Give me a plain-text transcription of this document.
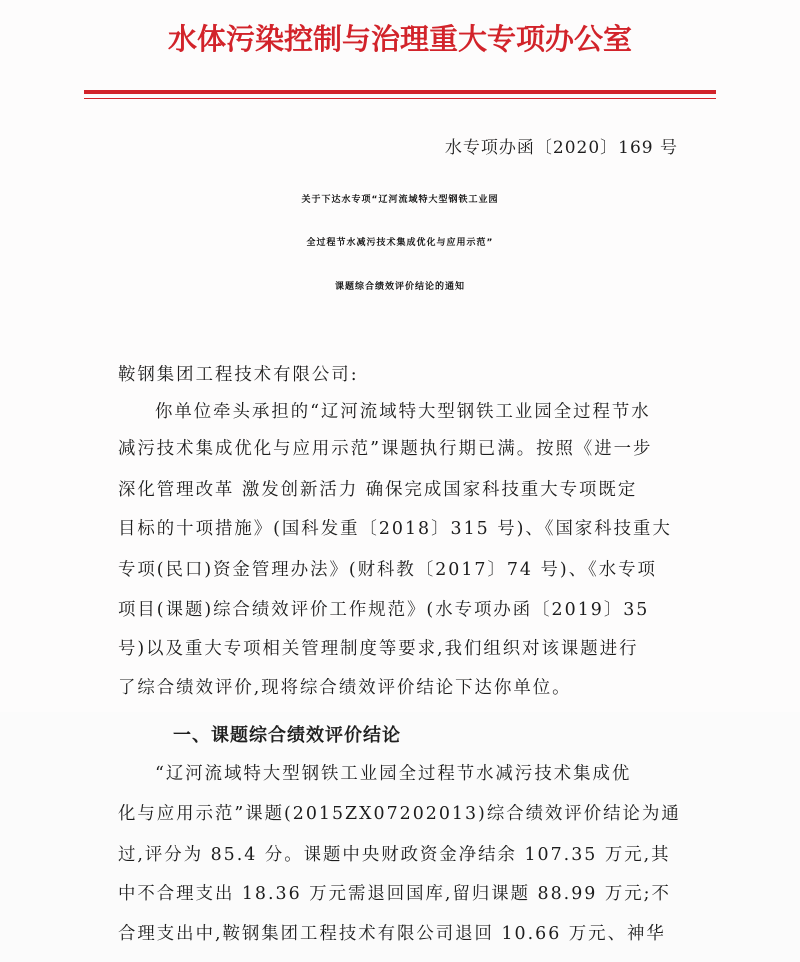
水体污染控制与治理重大专项办公室
水专项办函〔2020〕169 号
关于下达水专项“辽河流域特大型钢铁工业园
全过程节水减污技术集成优化与应用示范”
课题综合绩效评价结论的通知
鞍钢集团工程技术有限公司:
你单位牵头承担的“辽河流域特大型钢铁工业园全过程节水
减污技术集成优化与应用示范”课题执行期已满。按照《进一步
深化管理改革 激发创新活力 确保完成国家科技重大专项既定
目标的十项措施》(国科发重〔2018〕315 号)、《国家科技重大
专项(民口)资金管理办法》(财科教〔2017〕74 号)、《水专项
项目(课题)综合绩效评价工作规范》(水专项办函〔2019〕35
号)以及重大专项相关管理制度等要求,我们组织对该课题进行
了综合绩效评价,现将综合绩效评价结论下达你单位。
一、课题综合绩效评价结论
“辽河流域特大型钢铁工业园全过程节水减污技术集成优
化与应用示范”课题(2015ZX07202013)综合绩效评价结论为通
过,评分为 85.4 分。课题中央财政资金净结余 107.35 万元,其
中不合理支出 18.36 万元需退回国库,留归课题 88.99 万元;不
合理支出中,鞍钢集团工程技术有限公司退回 10.66 万元、神华
